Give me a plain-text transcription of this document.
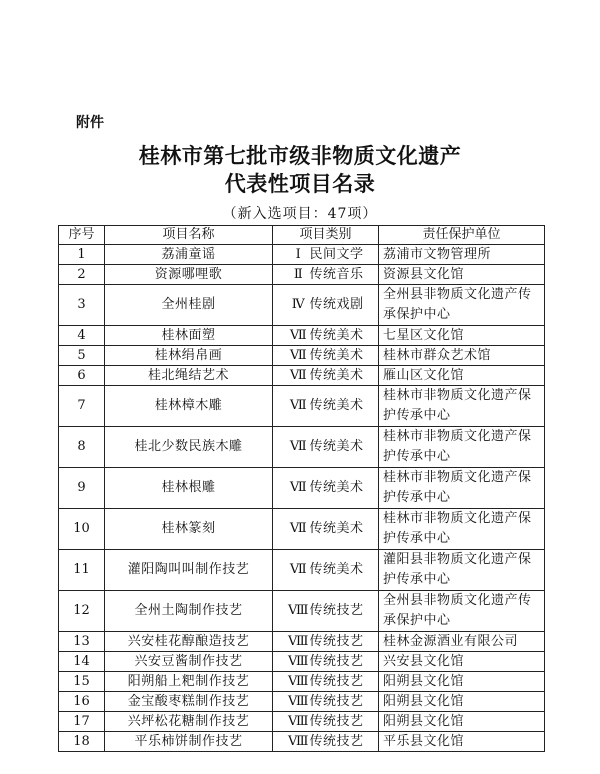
附件
桂林市第七批市级非物质文化遗产
代表性项目名录
（新入选项目：47项）
序号	项目名称	项目类别	责任保护单位
1	荔浦童谣	Ⅰ 民间文学	荔浦市文物管理所
2	资源哪哩歌	Ⅱ 传统音乐	资源县文化馆
3	全州桂剧	Ⅳ 传统戏剧	全州县非物质文化遗产传承保护中心
4	桂林面塑	Ⅶ 传统美术	七星区文化馆
5	桂林绢帛画	Ⅶ 传统美术	桂林市群众艺术馆
6	桂北绳结艺术	Ⅶ 传统美术	雁山区文化馆
7	桂林樟木雕	Ⅶ 传统美术	桂林市非物质文化遗产保护传承中心
8	桂北少数民族木雕	Ⅶ 传统美术	桂林市非物质文化遗产保护传承中心
9	桂林根雕	Ⅶ 传统美术	桂林市非物质文化遗产保护传承中心
10	桂林篆刻	Ⅶ 传统美术	桂林市非物质文化遗产保护传承中心
11	灌阳陶叫叫制作技艺	Ⅶ 传统美术	灌阳县非物质文化遗产保护传承中心
12	全州土陶制作技艺	Ⅷ传统技艺	全州县非物质文化遗产传承保护中心
13	兴安桂花醇酿造技艺	Ⅷ传统技艺	桂林金源酒业有限公司
14	兴安豆酱制作技艺	Ⅷ传统技艺	兴安县文化馆
15	阳朔船上粑制作技艺	Ⅷ传统技艺	阳朔县文化馆
16	金宝酸枣糕制作技艺	Ⅷ传统技艺	阳朔县文化馆
17	兴坪松花糖制作技艺	Ⅷ传统技艺	阳朔县文化馆
18	平乐柿饼制作技艺	Ⅷ传统技艺	平乐县文化馆
